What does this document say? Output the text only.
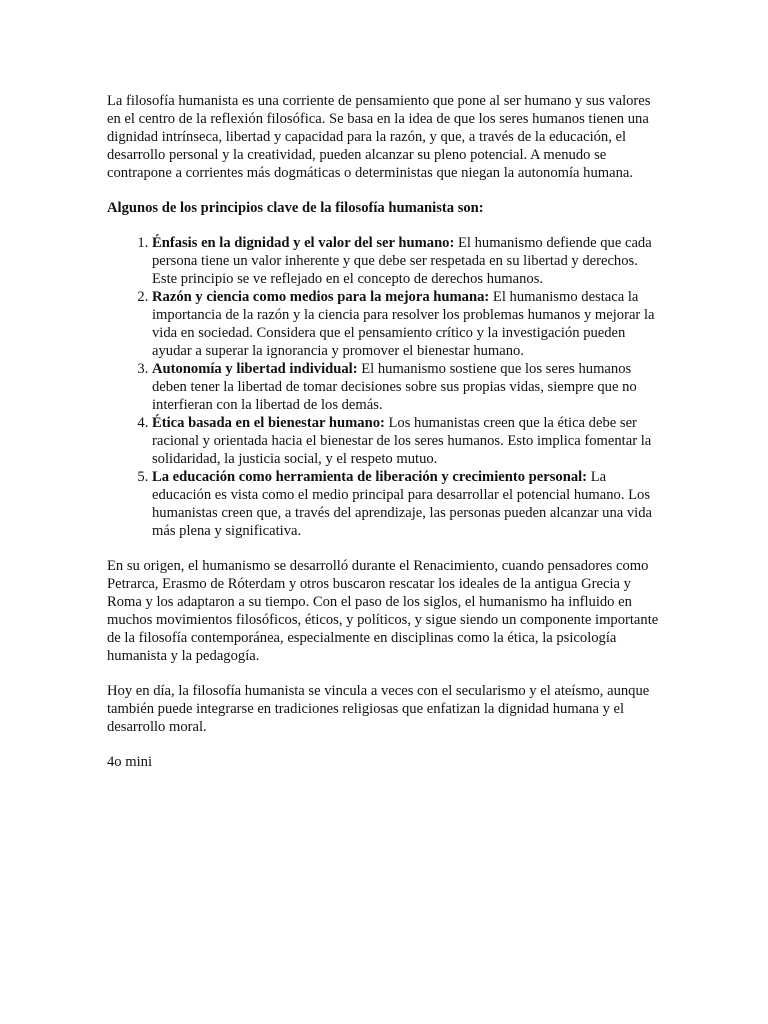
La filosofía humanista es una corriente de pensamiento que pone al ser humano y sus valores en el centro de la reflexión filosófica. Se basa en la idea de que los seres humanos tienen una dignidad intrínseca, libertad y capacidad para la razón, y que, a través de la educación, el desarrollo personal y la creatividad, pueden alcanzar su pleno potencial. A menudo se contrapone a corrientes más dogmáticas o deterministas que niegan la autonomía humana.

Algunos de los principios clave de la filosofía humanista son:

1. Énfasis en la dignidad y el valor del ser humano: El humanismo defiende que cada persona tiene un valor inherente y que debe ser respetada en su libertad y derechos. Este principio se ve reflejado en el concepto de derechos humanos.
2. Razón y ciencia como medios para la mejora humana: El humanismo destaca la importancia de la razón y la ciencia para resolver los problemas humanos y mejorar la vida en sociedad. Considera que el pensamiento crítico y la investigación pueden ayudar a superar la ignorancia y promover el bienestar humano.
3. Autonomía y libertad individual: El humanismo sostiene que los seres humanos deben tener la libertad de tomar decisiones sobre sus propias vidas, siempre que no interfieran con la libertad de los demás.
4. Ética basada en el bienestar humano: Los humanistas creen que la ética debe ser racional y orientada hacia el bienestar de los seres humanos. Esto implica fomentar la solidaridad, la justicia social, y el respeto mutuo.
5. La educación como herramienta de liberación y crecimiento personal: La educación es vista como el medio principal para desarrollar el potencial humano. Los humanistas creen que, a través del aprendizaje, las personas pueden alcanzar una vida más plena y significativa.

En su origen, el humanismo se desarrolló durante el Renacimiento, cuando pensadores como Petrarca, Erasmo de Róterdam y otros buscaron rescatar los ideales de la antigua Grecia y Roma y los adaptaron a su tiempo. Con el paso de los siglos, el humanismo ha influido en muchos movimientos filosóficos, éticos, y políticos, y sigue siendo un componente importante de la filosofía contemporánea, especialmente en disciplinas como la ética, la psicología humanista y la pedagogía.

Hoy en día, la filosofía humanista se vincula a veces con el secularismo y el ateísmo, aunque también puede integrarse en tradiciones religiosas que enfatizan la dignidad humana y el desarrollo moral.

4o mini
